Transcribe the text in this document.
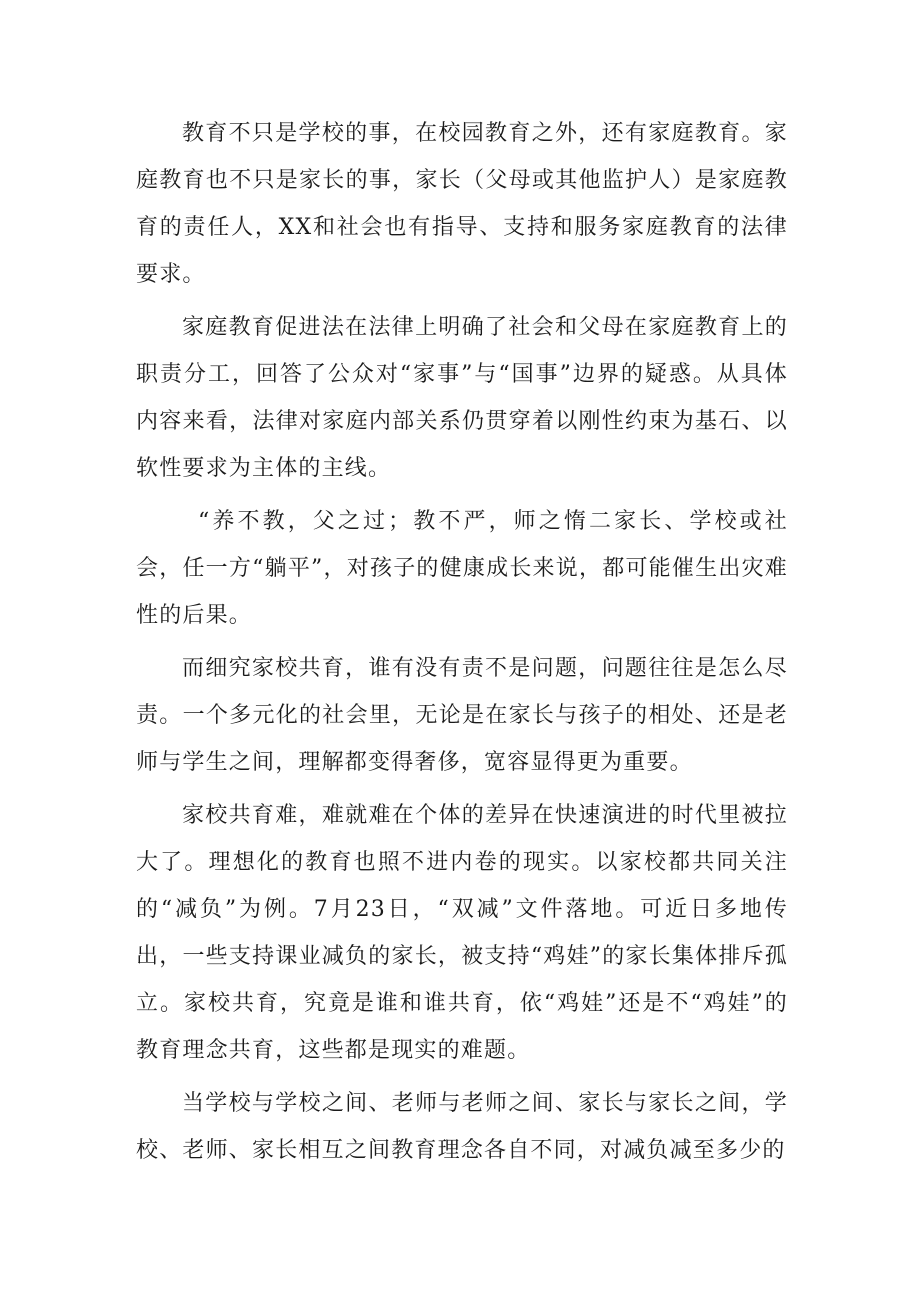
教育不只是学校的事，在校园教育之外，还有家庭教育。家庭教育也不只是家长的事，家长（父母或其他监护人）是家庭教育的责任人，XX和社会也有指导、支持和服务家庭教育的法律要求。

家庭教育促进法在法律上明确了社会和父母在家庭教育上的职责分工，回答了公众对“家事”与“国事”边界的疑惑。从具体内容来看，法律对家庭内部关系仍贯穿着以刚性约束为基石、以软性要求为主体的主线。

“养不教，父之过；教不严，师之惰二家长、学校或社会，任一方“躺平”，对孩子的健康成长来说，都可能催生出灾难性的后果。

而细究家校共育，谁有没有责不是问题，问题往往是怎么尽责。一个多元化的社会里，无论是在家长与孩子的相处、还是老师与学生之间，理解都变得奢侈，宽容显得更为重要。

家校共育难，难就难在个体的差异在快速演进的时代里被拉大了。理想化的教育也照不进内卷的现实。以家校都共同关注的“减负”为例。7月23日，“双减”文件落地。可近日多地传出，一些支持课业减负的家长，被支持“鸡娃”的家长集体排斥孤立。家校共育，究竟是谁和谁共育，依“鸡娃”还是不“鸡娃”的教育理念共育，这些都是现实的难题。

当学校与学校之间、老师与老师之间、家长与家长之间，学校、老师、家长相互之间教育理念各自不同，对减负减至多少的
